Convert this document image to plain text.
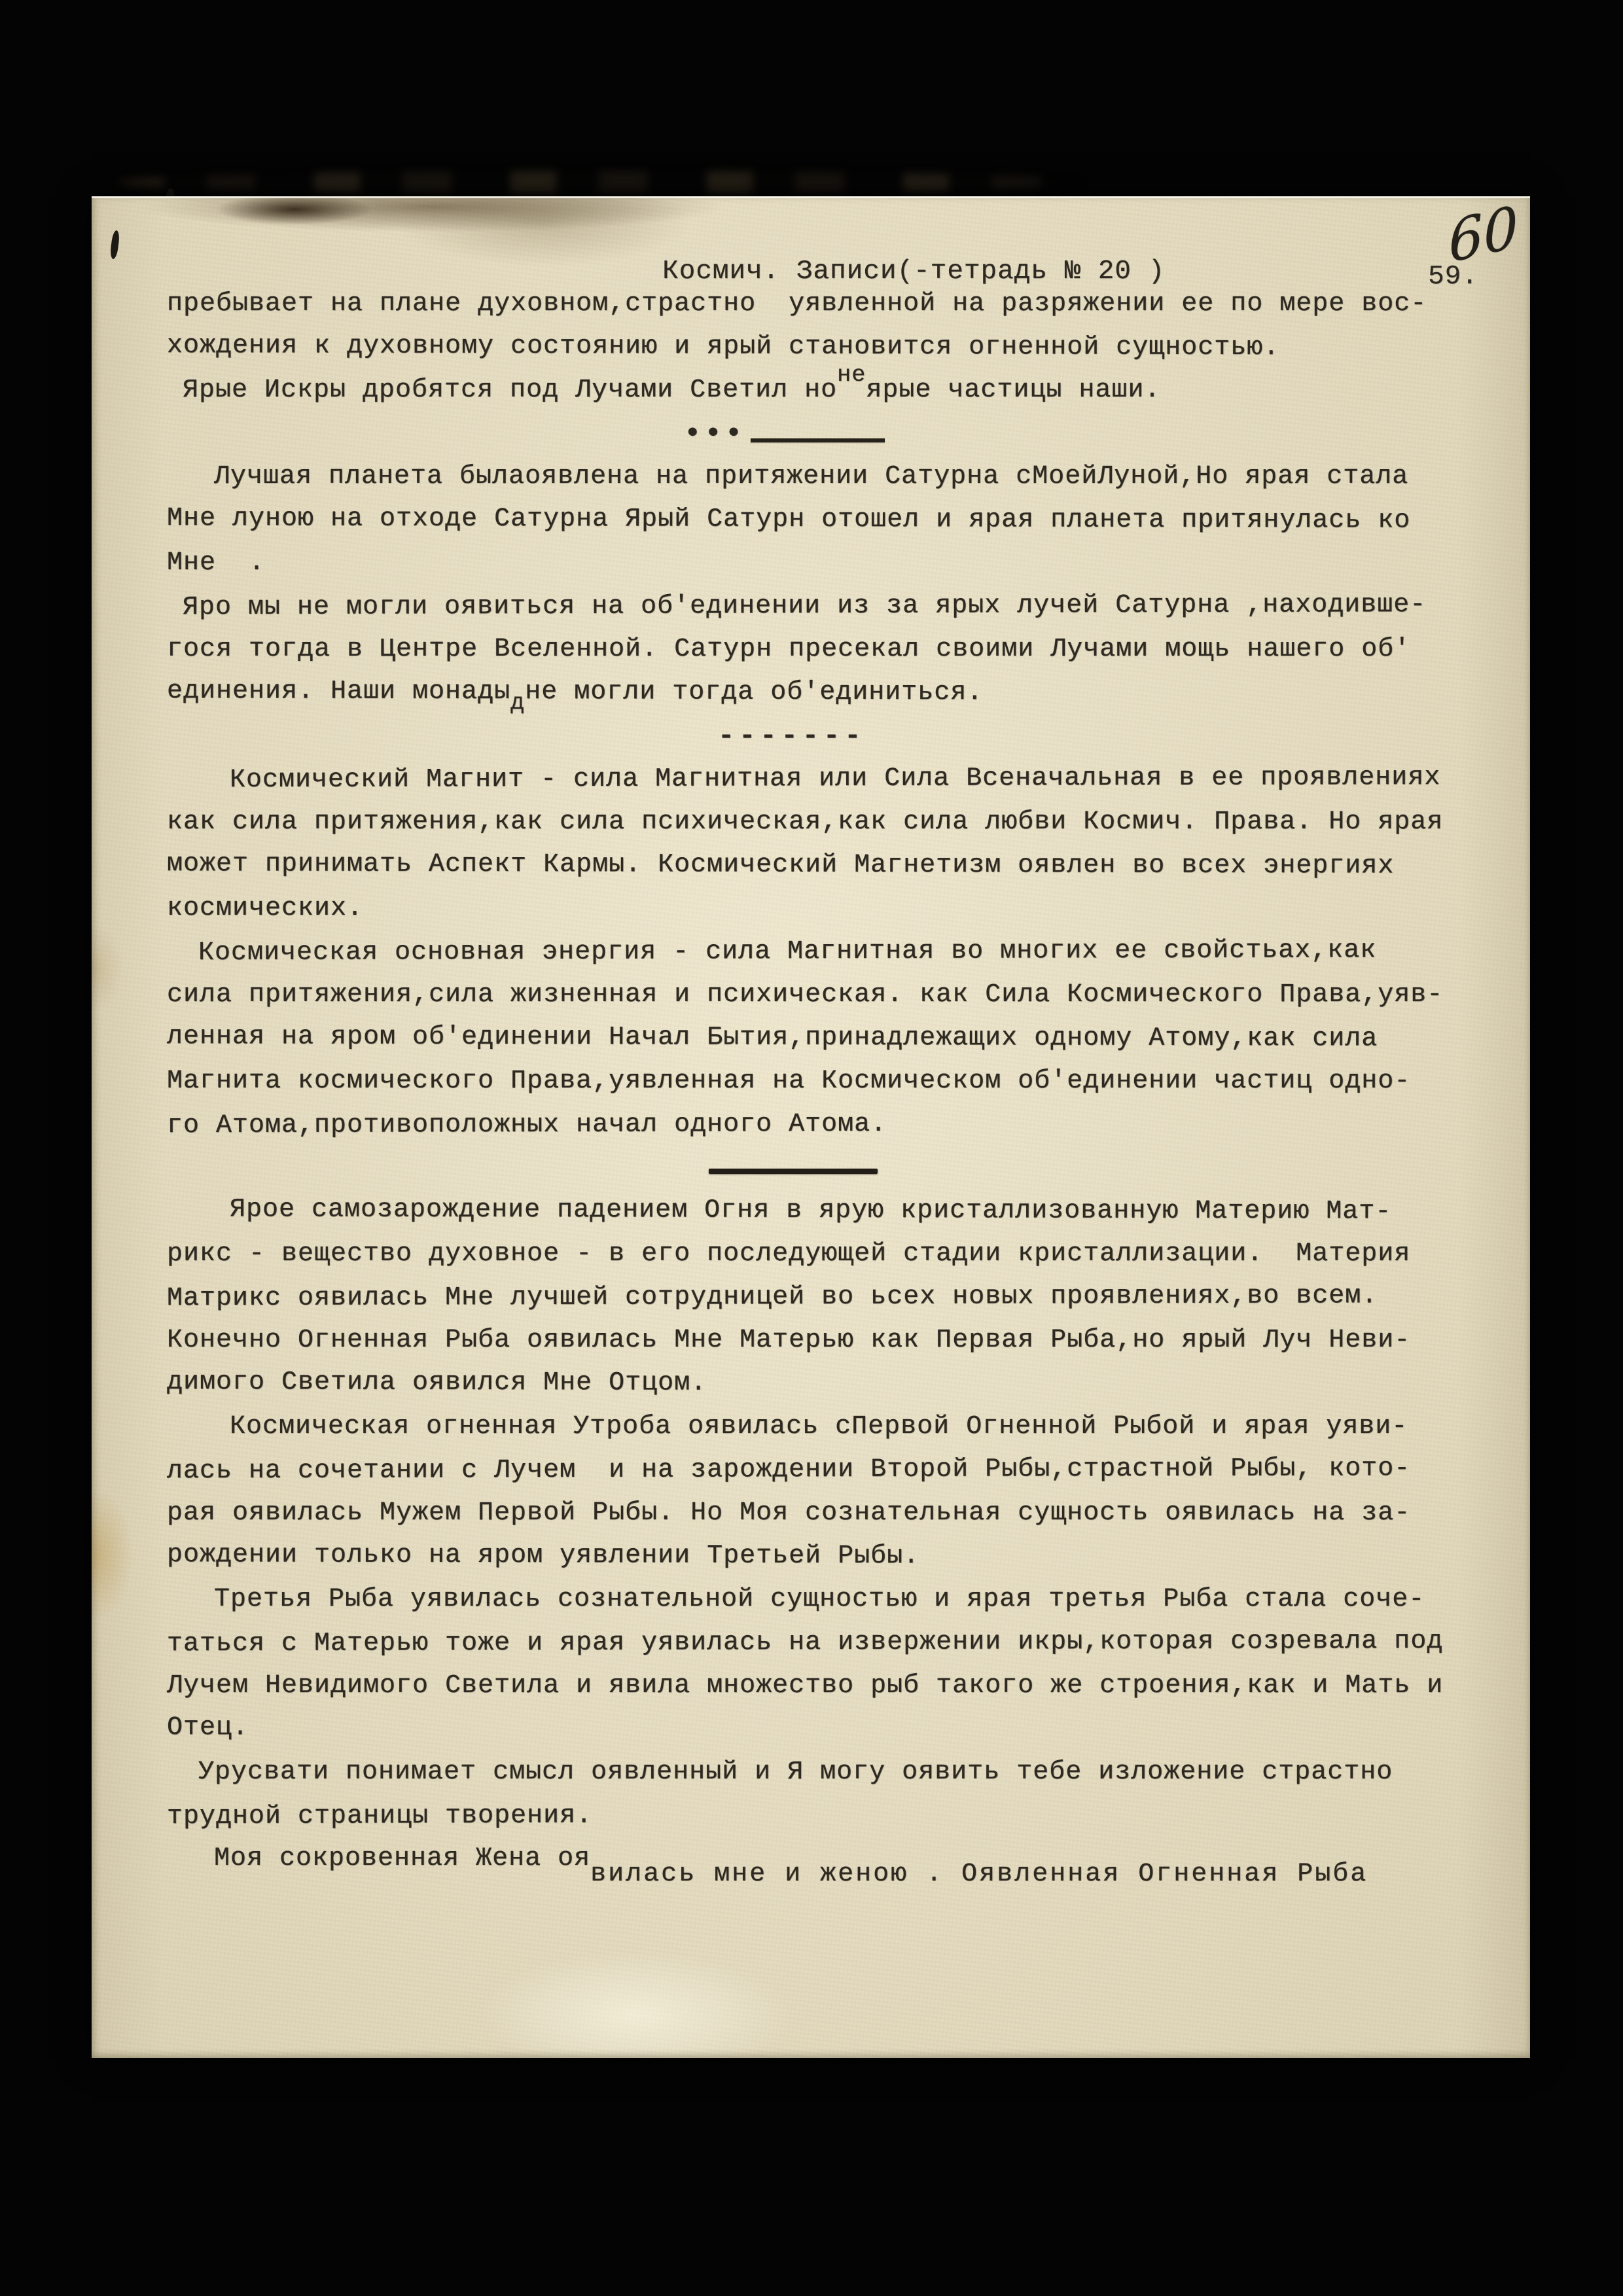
60

Космич. Записи(-тетрадь № 20 )

	59.

пребывает на плане духовном,страстно  уявленной на разряжении ее по мере вос-
хождения к духовному состоянию и ярый становится огненной сущностью.
Ярые Искры дробятся под Лучами Светил нонеярые частицы наши.
•••
Лучшая планета былаоявлена на притяжении Сатурна сМоейЛуной,Но ярая стала
Мне луною на отходе Сатурна Ярый Сатурн отошел и ярая планета притянулась ко
Мне  .
Яро мы не могли оявиться на об'единении из за ярых лучей Сатурна ,находивше-
гося тогда в Центре Вселенной. Сатурн пресекал своими Лучами мощь нашего об'
единения. Наши монадыдне могли тогда об'единиться.
-------
Космический Магнит - сила Магнитная или Сила Всеначальная в ее проявлениях
как сила притяжения,как сила психическая,как сила любви Космич. Права. Но ярая
может принимать Аспект Кармы. Космический Магнетизм оявлен во всех энергиях
космических.
Космическая основная энергия - сила Магнитная во многих ее свойстьах,как
сила притяжения,сила жизненная и психическая. как Сила Космического Права,уяв-
ленная на яром об'единении Начал Бытия,принадлежащих одному Атому,как сила
Магнита космического Права,уявленная на Космическом об'единении частиц одно-
го Атома,противоположных начал одного Атома.
Ярое самозарождение падением Огня в ярую кристаллизованную Материю Мат-
рикс - вещество духовное - в его последующей стадии кристаллизации.  Материя
Матрикс оявилась Мне лучшей сотрудницей во ьсех новых проявлениях,во всем.
Конечно Огненная Рыба оявилась Мне Матерью как Первая Рыба,но ярый Луч Неви-
димого Светила оявился Мне Отцом.
Космическая огненная Утроба оявилась сПервой Огненной Рыбой и ярая уяви-
лась на сочетании с Лучем  и на зарождении Второй Рыбы,страстной Рыбы, кото-
рая оявилась Мужем Первой Рыбы. Но Моя сознательная сущность оявилась на за-
рождении только на яром уявлении Третьей Рыбы.
Третья Рыба уявилась сознательной сущностью и ярая третья Рыба стала соче-
таться с Матерью тоже и ярая уявилась на извержении икры,которая созревала под
Лучем Невидимого Светила и явила множество рыб такого же строения,как и Мать и
Отец.
Урусвати понимает смысл оявленный и Я могу оявить тебе изложение страстно
трудной страницы творения.
Моя сокровенная Жена оявилась мне и женою . Оявленная Огненная Рыба
